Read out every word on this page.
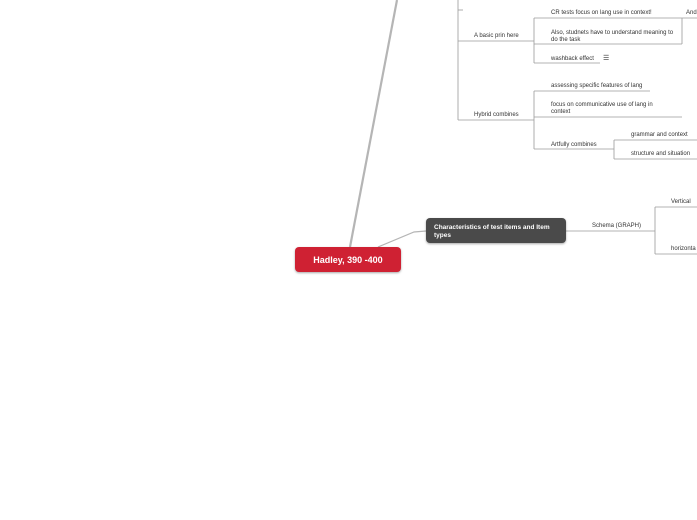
Hadley, 390 -400
Characteristics of test items and Item types
A basic prin here
CR tests focus on lang use in context!	And
Also, studnets have to understand meaning to do the task
washback effect ☰
Hybrid combines
assessing specific features of lang
focus on communicative use of lang in context
Artfully combines
grammar and context
structure and situation
Schema (GRAPH)
Vertical
horizonta
